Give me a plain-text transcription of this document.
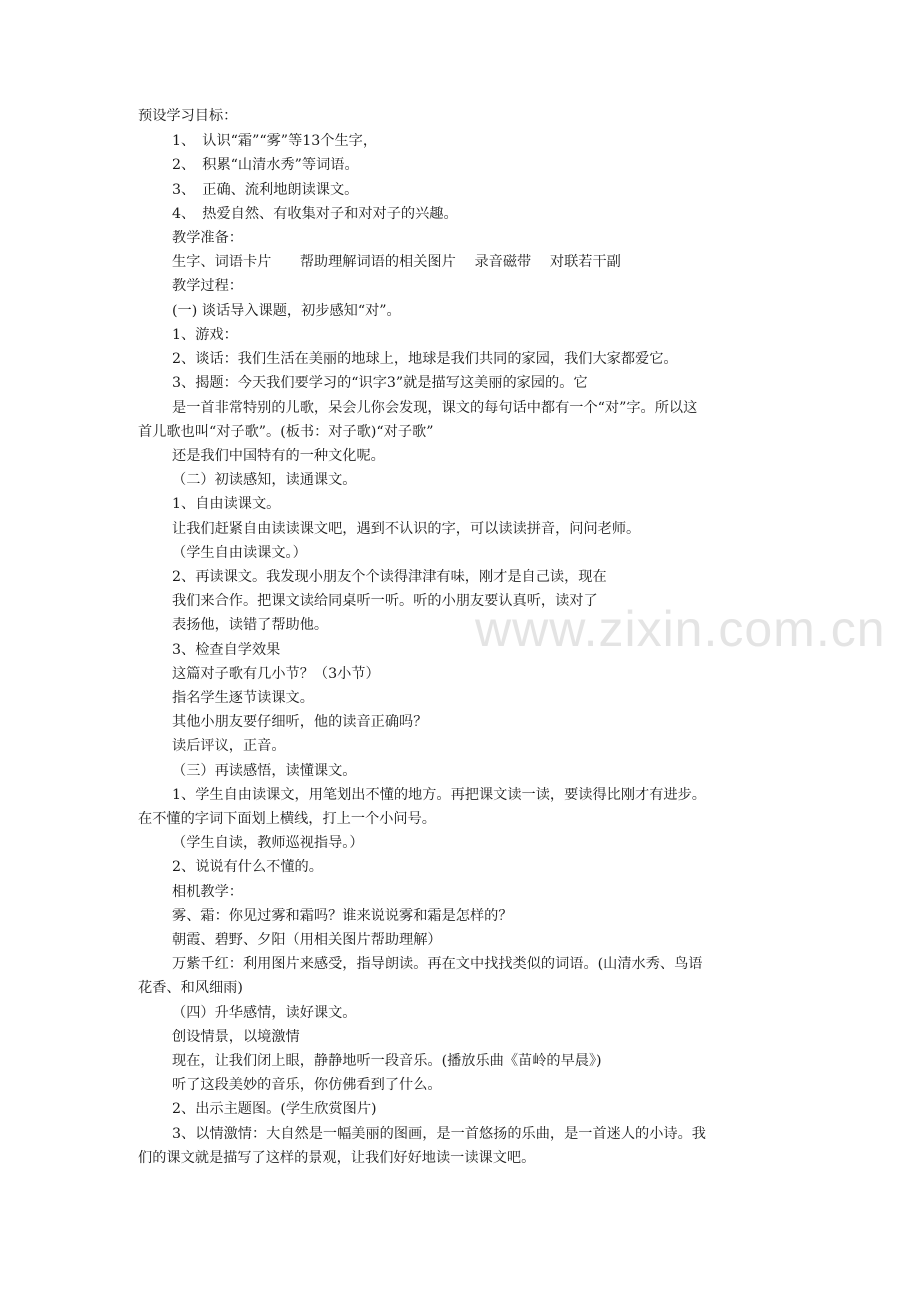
www.zixin.com.cn
预设学习目标：
1、　认识“霜”“雾”等13个生字，
2、　积累“山清水秀”等词语。
3、　正确、流利地朗读课文。
4、　热爱自然、有收集对子和对对子的兴趣。
教学准备：
生字、词语卡片　　帮助理解词语的相关图片　 录音磁带　 对联若干副
教学过程：
(一) 谈话导入课题，初步感知“对”。
1、游戏：
2、谈话：我们生活在美丽的地球上，地球是我们共同的家园，我们大家都爱它。
3、揭题：今天我们要学习的“识字3”就是描写这美丽的家园的。它
是一首非常特别的儿歌，呆会儿你会发现，课文的每句话中都有一个“对”字。所以这
首儿歌也叫“对子歌”。(板书：对子歌)“对子歌”
还是我们中国特有的一种文化呢。
（二）初读感知，读通课文。
1、自由读课文。
让我们赶紧自由读读课文吧，遇到不认识的字，可以读读拼音，问问老师。
（学生自由读课文。）
2、再读课文。我发现小朋友个个读得津津有味，刚才是自己读，现在
我们来合作。把课文读给同桌听一听。听的小朋友要认真听，读对了
表扬他，读错了帮助他。
3、检查自学效果
这篇对子歌有几小节？（3小节）
指名学生逐节读课文。
其他小朋友要仔细听，他的读音正确吗？
读后评议，正音。
（三）再读感悟，读懂课文。
1、学生自由读课文，用笔划出不懂的地方。再把课文读一读，要读得比刚才有进步。
在不懂的字词下面划上横线，打上一个小问号。
（学生自读，教师巡视指导。）
2、说说有什么不懂的。
相机教学：
雾、霜：你见过雾和霜吗？谁来说说雾和霜是怎样的？
朝霞、碧野、夕阳（用相关图片帮助理解）
万紫千红：利用图片来感受，指导朗读。再在文中找找类似的词语。(山清水秀、鸟语
花香、和风细雨)
（四）升华感情，读好课文。
创设情景，以境激情
现在，让我们闭上眼，静静地听一段音乐。(播放乐曲《苗岭的早晨》)
听了这段美妙的音乐，你仿佛看到了什么。
2、出示主题图。(学生欣赏图片)
3、以情激情：大自然是一幅美丽的图画，是一首悠扬的乐曲，是一首迷人的小诗。我
们的课文就是描写了这样的景观，让我们好好地读一读课文吧。
